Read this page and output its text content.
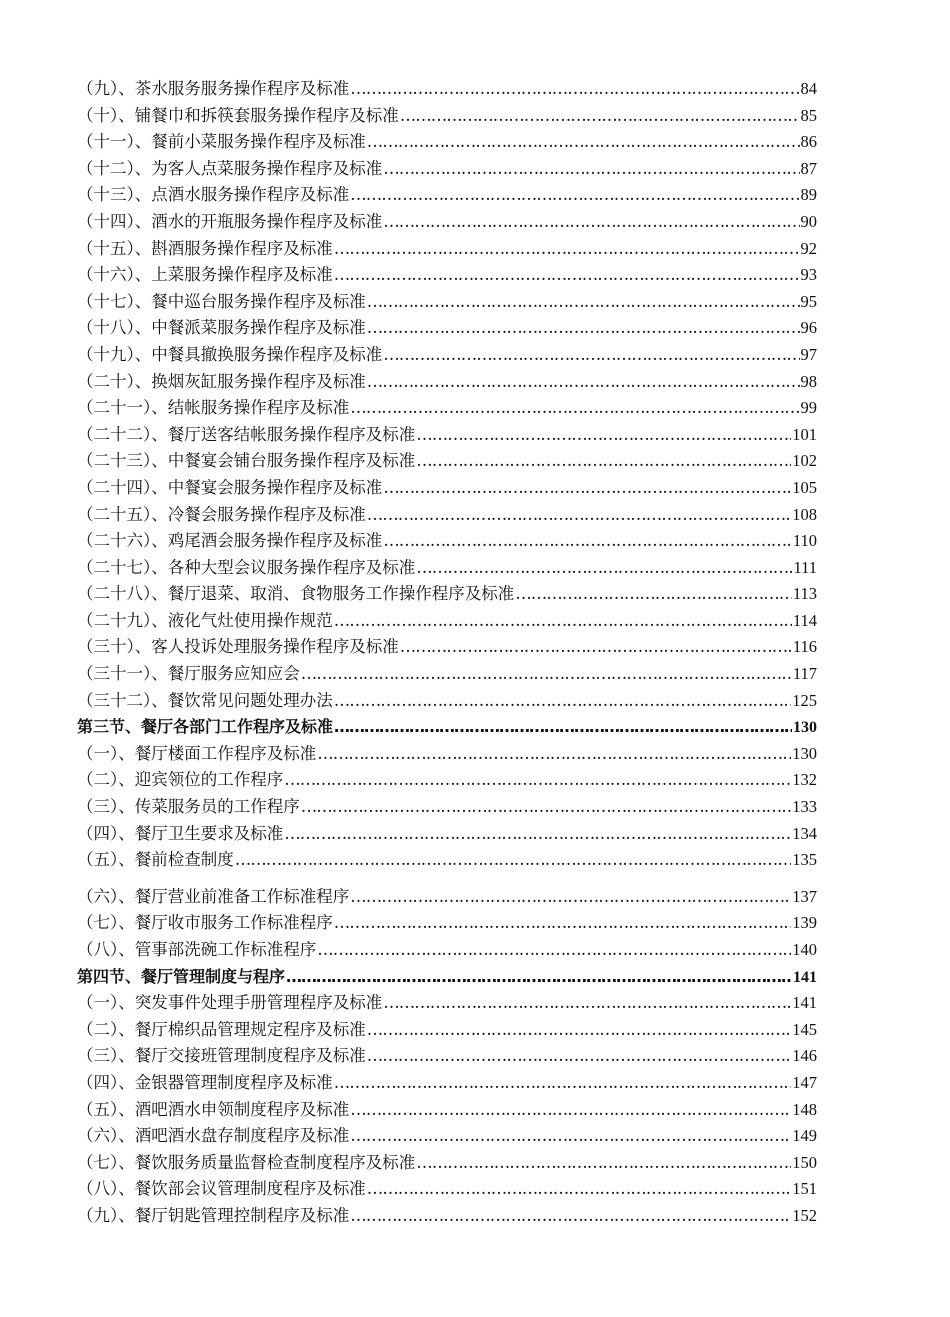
（九）、茶水服务服务操作程序及标准 ……………………………………………………………………………………………………………………………………………………	84
（十）、铺餐巾和拆筷套服务操作程序及标准 ……………………………………………………………………………………………………………………………………………………	85
（十一）、餐前小菜服务操作程序及标准 ……………………………………………………………………………………………………………………………………………………	86
（十二）、为客人点菜服务操作程序及标准 ……………………………………………………………………………………………………………………………………………………	87
（十三）、点酒水服务操作程序及标准 ……………………………………………………………………………………………………………………………………………………	89
（十四）、酒水的开瓶服务操作程序及标准 ……………………………………………………………………………………………………………………………………………………	90
（十五）、斟酒服务操作程序及标准 ……………………………………………………………………………………………………………………………………………………	92
（十六）、上菜服务操作程序及标准 ……………………………………………………………………………………………………………………………………………………	93
（十七）、餐中巡台服务操作程序及标准 ……………………………………………………………………………………………………………………………………………………	95
（十八）、中餐派菜服务操作程序及标准 ……………………………………………………………………………………………………………………………………………………	96
（十九）、中餐具撤换服务操作程序及标准 ……………………………………………………………………………………………………………………………………………………	97
（二十）、换烟灰缸服务操作程序及标准 ……………………………………………………………………………………………………………………………………………………	98
（二十一）、结帐服务操作程序及标准 ……………………………………………………………………………………………………………………………………………………	99
（二十二）、餐厅送客结帐服务操作程序及标准 ……………………………………………………………………………………………………………………………………………………	101
（二十三）、中餐宴会铺台服务操作程序及标准 ……………………………………………………………………………………………………………………………………………………	102
（二十四）、中餐宴会服务操作程序及标准 ……………………………………………………………………………………………………………………………………………………	105
（二十五）、冷餐会服务操作程序及标准 ……………………………………………………………………………………………………………………………………………………	108
（二十六）、鸡尾酒会服务操作程序及标准 ……………………………………………………………………………………………………………………………………………………	110
（二十七）、各种大型会议服务操作程序及标准 ……………………………………………………………………………………………………………………………………………………	111
（二十八）、餐厅退菜、取消、食物服务工作操作程序及标准 ……………………………………………………………………………………………………………………………………………………	113
（二十九）、液化气灶使用操作规范 ……………………………………………………………………………………………………………………………………………………	114
（三十）、客人投诉处理服务操作程序及标准 ……………………………………………………………………………………………………………………………………………………	116
（三十一）、餐厅服务应知应会 ……………………………………………………………………………………………………………………………………………………	117
（三十二）、餐饮常见问题处理办法 ……………………………………………………………………………………………………………………………………………………	125
第三节、餐厅各部门工作程序及标准 ……………………………………………………………………………………………………………………………………………………	130
（一）、餐厅楼面工作程序及标准 ……………………………………………………………………………………………………………………………………………………	130
（二）、迎宾领位的工作程序 ……………………………………………………………………………………………………………………………………………………	132
（三）、传菜服务员的工作程序 ……………………………………………………………………………………………………………………………………………………	133
（四）、餐厅卫生要求及标准 ……………………………………………………………………………………………………………………………………………………	134
（五）、餐前检查制度 ……………………………………………………………………………………………………………………………………………………	135
（六）、餐厅营业前准备工作标准程序 ……………………………………………………………………………………………………………………………………………………	137
（七）、餐厅收市服务工作标准程序 ……………………………………………………………………………………………………………………………………………………	139
（八）、管事部洗碗工作标准程序 ……………………………………………………………………………………………………………………………………………………	140
第四节、餐厅管理制度与程序 ……………………………………………………………………………………………………………………………………………………	141
（一）、突发事件处理手册管理程序及标准 ……………………………………………………………………………………………………………………………………………………	141
（二）、餐厅棉织品管理规定程序及标准 ……………………………………………………………………………………………………………………………………………………	145
（三）、餐厅交接班管理制度程序及标准 ……………………………………………………………………………………………………………………………………………………	146
（四）、金银器管理制度程序及标准 ……………………………………………………………………………………………………………………………………………………	147
（五）、酒吧酒水申领制度程序及标准 ……………………………………………………………………………………………………………………………………………………	148
（六）、酒吧酒水盘存制度程序及标准 ……………………………………………………………………………………………………………………………………………………	149
（七）、餐饮服务质量监督检查制度程序及标准 ……………………………………………………………………………………………………………………………………………………	150
（八）、餐饮部会议管理制度程序及标准 ……………………………………………………………………………………………………………………………………………………	151
（九）、餐厅钥匙管理控制程序及标准 ……………………………………………………………………………………………………………………………………………………	152
